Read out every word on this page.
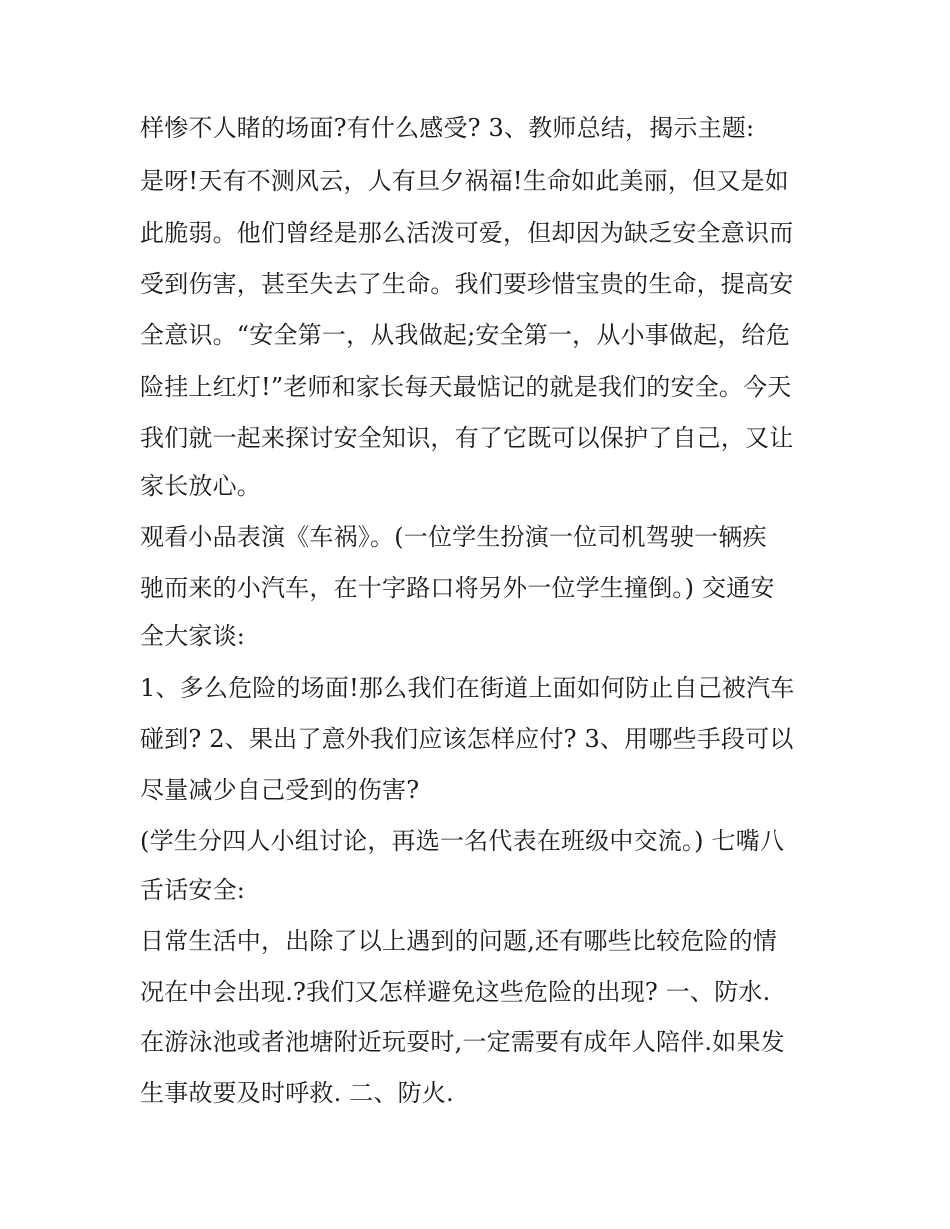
样惨不人睹的场面?有什么感受? 3、教师总结，揭示主题:
是呀!天有不测风云，人有旦夕祸福!生命如此美丽，但又是如
此脆弱。他们曾经是那么活泼可爱，但却因为缺乏安全意识而
受到伤害，甚至失去了生命。我们要珍惜宝贵的生命，提高安
全意识。“安全第一，从我做起;安全第一，从小事做起，给危
险挂上红灯!”老师和家长每天最惦记的就是我们的安全。今天
我们就一起来探讨安全知识，有了它既可以保护了自己，又让
家长放心。
观看小品表演《车祸》。(一位学生扮演一位司机驾驶一辆疾
驰而来的小汽车，在十字路口将另外一位学生撞倒。) 交通安
全大家谈:
1、多么危险的场面!那么我们在街道上面如何防止自己被汽车
碰到? 2、果出了意外我们应该怎样应付? 3、用哪些手段可以
尽量减少自己受到的伤害?
(学生分四人小组讨论，再选一名代表在班级中交流。) 七嘴八
舌话安全:
日常生活中，出除了以上遇到的问题,还有哪些比较危险的情
况在中会出现.?我们又怎样避免这些危险的出现? 一、防水.
在游泳池或者池塘附近玩耍时,一定需要有成年人陪伴.如果发
生事故要及时呼救. 二、防火.
